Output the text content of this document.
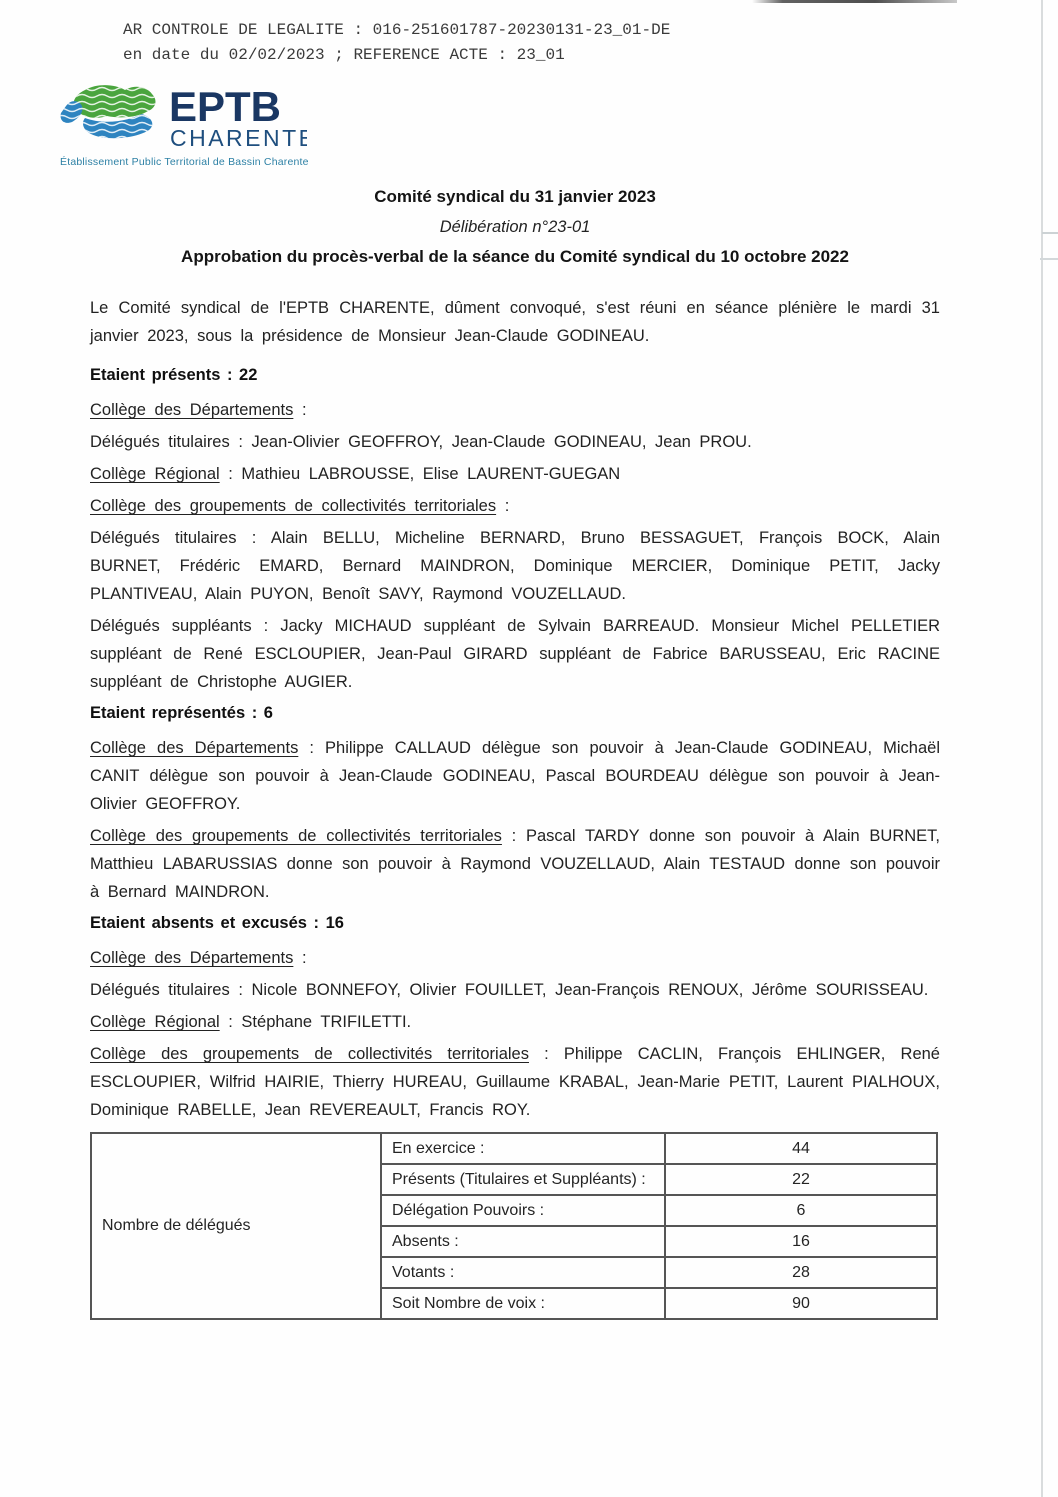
AR CONTROLE DE LEGALITE : 016-251601787-20230131-23_01-DE
en date du 02/02/2023 ; REFERENCE ACTE : 23_01
EPTB
CHARENTE
Établissement Public Territorial de Bassin Charente
Comité syndical du 31 janvier 2023
Délibération n°23-01
Approbation du procès-verbal de la séance du Comité syndical du 10 octobre 2022

Le Comité syndical de l'EPTB CHARENTE, dûment convoqué, s'est réuni en séance plénière le mardi 31 janvier 2023, sous la présidence de Monsieur Jean-Claude GODINEAU.

Etaient présents : 22

Collège des Départements :

Délégués titulaires : Jean-Olivier GEOFFROY, Jean-Claude GODINEAU, Jean PROU.

Collège Régional : Mathieu LABROUSSE, Elise LAURENT-GUEGAN

Collège des groupements de collectivités territoriales :

Délégués titulaires : Alain BELLU, Micheline BERNARD, Bruno BESSAGUET, François BOCK, Alain BURNET, Frédéric EMARD, Bernard MAINDRON, Dominique MERCIER, Dominique PETIT, Jacky PLANTIVEAU, Alain PUYON, Benoît SAVY, Raymond VOUZELLAUD.

Délégués suppléants : Jacky MICHAUD suppléant de Sylvain BARREAUD. Monsieur Michel PELLETIER suppléant de René ESCLOUPIER, Jean-Paul GIRARD suppléant de Fabrice BARUSSEAU, Eric RACINE suppléant de Christophe AUGIER.

Etaient représentés : 6

Collège des Départements : Philippe CALLAUD délègue son pouvoir à Jean-Claude GODINEAU, Michaël CANIT délègue son pouvoir à Jean-Claude GODINEAU, Pascal BOURDEAU délègue son pouvoir à Jean-Olivier GEOFFROY.

Collège des groupements de collectivités territoriales : Pascal TARDY donne son pouvoir à Alain BURNET, Matthieu LABARUSSIAS donne son pouvoir à Raymond VOUZELLAUD, Alain TESTAUD donne son pouvoir à Bernard MAINDRON.

Etaient absents et excusés : 16

Collège des Départements :

Délégués titulaires : Nicole BONNEFOY, Olivier FOUILLET, Jean-François RENOUX, Jérôme SOURISSEAU.

Collège Régional : Stéphane TRIFILETTI.

Collège des groupements de collectivités territoriales : Philippe CACLIN, François EHLINGER, René ESCLOUPIER, Wilfrid HAIRIE, Thierry HUREAU, Guillaume KRABAL, Jean-Marie PETIT, Laurent PIALHOUX, Dominique RABELLE, Jean REVEREAULT, Francis ROY.

Nombre de délégués	En exercice :	44
	Présents (Titulaires et Suppléants) :	22
	Délégation Pouvoirs :	6
	Absents :	16
	Votants :	28
	Soit Nombre de voix :	90
